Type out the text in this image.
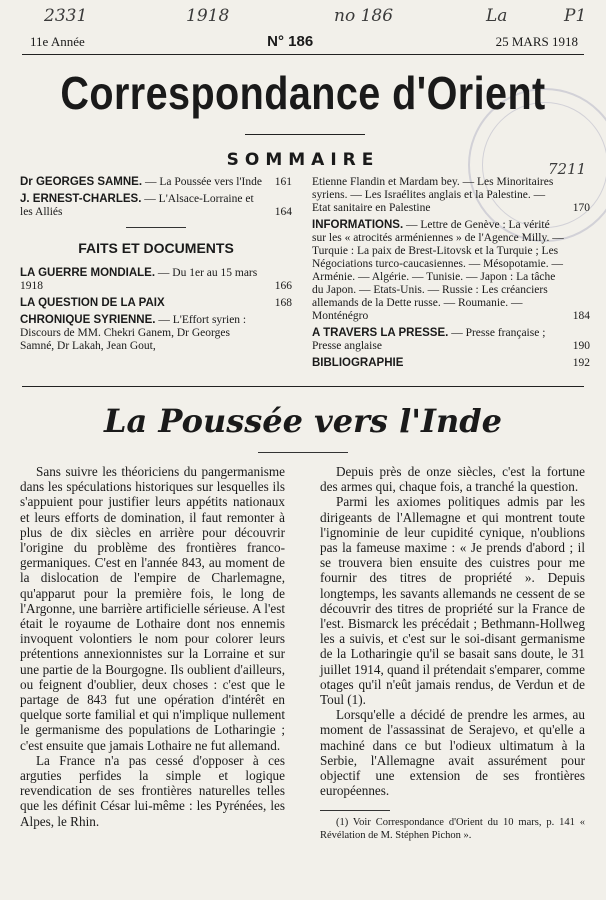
2331	1918	no 186	La	P1
7211
11e Année	N° 186	25 MARS 1918
Correspondance d'Orient
SOMMAIRE
Dr GEORGES SAMNE. — La Poussée vers l'Inde	161
J. ERNEST-CHARLES. — L'Alsace-Lorraine et les Alliés	164
FAITS ET DOCUMENTS
LA GUERRE MONDIALE. — Du 1er au 15 mars 1918	166
LA QUESTION DE LA PAIX	168
CHRONIQUE SYRIENNE. — L'Effort syrien : Discours de MM. Chekri Ganem, Dr Georges Samné, Dr Lakah, Jean Gout,
Etienne Flandin et Mardam bey. — Les Minoritaires syriens. — Les Israélites anglais et la Palestine. — Etat sanitaire en Palestine	170
INFORMATIONS. — Lettre de Genève : La vérité sur les « atrocités arméniennes » de l'Agence Milly. — Turquie : La paix de Brest-Litovsk et la Turquie ; Les Négociations turco-caucasiennes. — Mésopotamie. — Arménie. — Algérie. — Tunisie. — Japon : La tâche du Japon. — Etats-Unis. — Russie : Les créanciers allemands de la Dette russe. — Roumanie. — Monténégro	184
A TRAVERS LA PRESSE. — Presse française ; Presse anglaise	190
BIBLIOGRAPHIE	192
La Poussée vers l'Inde

Sans suivre les théoriciens du pangermanisme dans les spéculations historiques sur lesquelles ils s'appuient pour justifier leurs appétits nationaux et leurs efforts de domination, il faut remonter à plus de dix siècles en arrière pour découvrir l'origine du problème des frontières franco-germaniques. C'est en l'année 843, au moment de la dislocation de l'empire de Charlemagne, qu'apparut pour la première fois, le long de l'Argonne, une barrière artificielle sérieuse. A l'est était le royaume de Lothaire dont nos ennemis invoquent volontiers le nom pour colorer leurs prétentions annexionnistes sur la Lorraine et sur une partie de la Bourgogne. Ils oublient d'ailleurs, ou feignent d'oublier, deux choses : c'est que le partage de 843 fut une opération d'intérêt en quelque sorte familial et qui n'implique nullement le germanisme des populations de Lotharingie ; c'est ensuite que jamais Lothaire ne fut allemand.

La France n'a pas cessé d'opposer à ces arguties perfides la simple et logique revendication de ses frontières naturelles telles que les définit César lui-même : les Pyrénées, les Alpes, le Rhin.

Depuis près de onze siècles, c'est la fortune des armes qui, chaque fois, a tranché la question.

Parmi les axiomes politiques admis par les dirigeants de l'Allemagne et qui montrent toute l'ignominie de leur cupidité cynique, n'oublions pas la fameuse maxime : « Je prends d'abord ; il se trouvera bien ensuite des cuistres pour me fournir des titres de propriété ». Depuis longtemps, les savants allemands ne cessent de se découvrir des titres de propriété sur la France de l'est. Bismarck les précédait ; Bethmann-Hollweg les a suivis, et c'est sur le soi-disant germanisme de la Lotharingie qu'il se basait sans doute, le 31 juillet 1914, quand il prétendait s'emparer, comme otages qu'il n'eût jamais rendus, de Verdun et de Toul (1).

Lorsqu'elle a décidé de prendre les armes, au moment de l'assassinat de Serajevo, et qu'elle a machiné dans ce but l'odieux ultimatum à la Serbie, l'Allemagne avait assurément pour objectif une extension de ses frontières européennes.

(1) Voir Correspondance d'Orient du 10 mars, p. 141 « Révélation de M. Stéphen Pichon ».
